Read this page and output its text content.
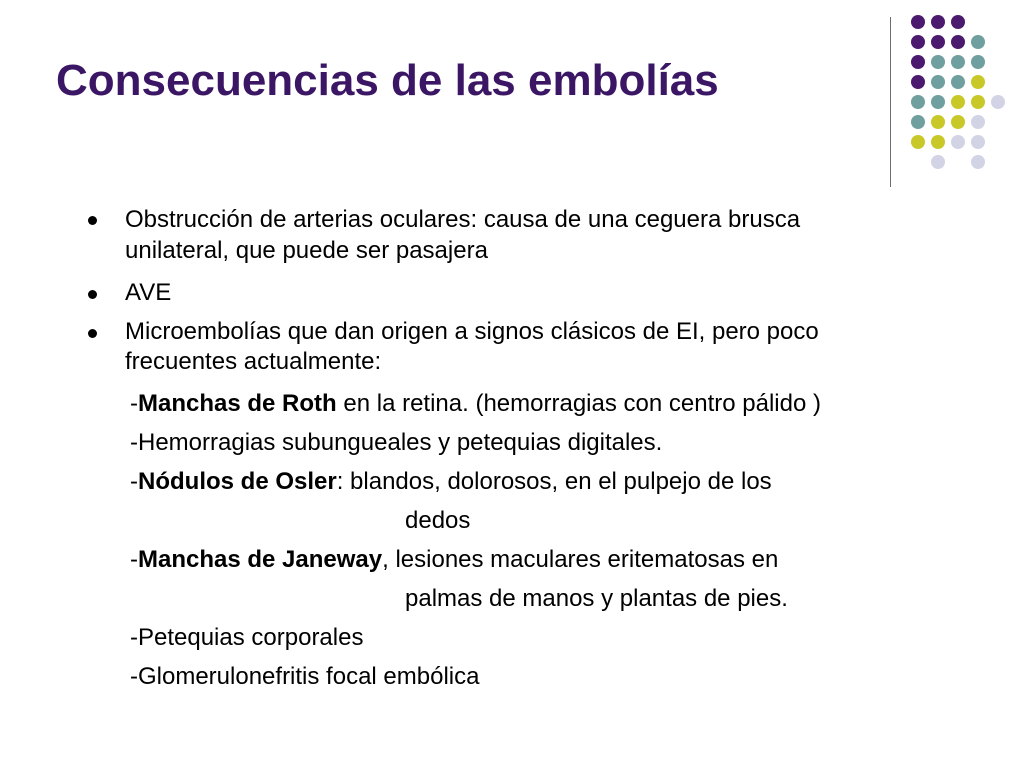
Consecuencias de las embolías
Obstrucción de arterias oculares: causa de una ceguera brusca
unilateral, que puede ser pasajera
AVE
Microembolías que dan origen a signos clásicos de EI, pero poco
frecuentes actualmente:
-Manchas de Roth en la retina. (hemorragias con centro pálido )
-Hemorragias subungueales y petequias digitales.
-Nódulos de Osler: blandos, dolorosos, en el pulpejo de los
dedos
-Manchas de Janeway, lesiones maculares eritematosas en
palmas de manos y plantas de pies.
-Petequias corporales
-Glomerulonefritis focal embólica
